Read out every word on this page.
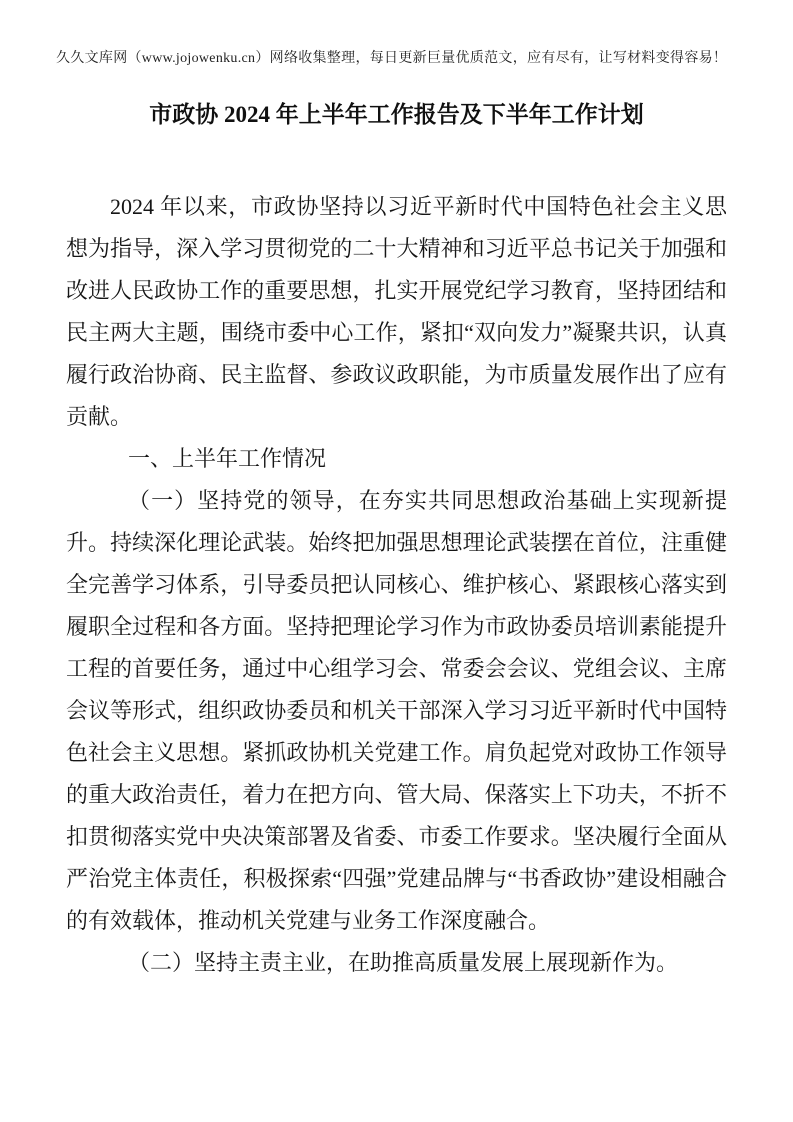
久久文库网（www.jojowenku.cn）网络收集整理，每日更新巨量优质范文，应有尽有，让写材料变得容易！
市政协 2024 年上半年工作报告及下半年工作计划

2024 年以来，市政协坚持以习近平新时代中国特色社会主义思想为指导，深入学习贯彻党的二十大精神和习近平总书记关于加强和改进人民政协工作的重要思想，扎实开展党纪学习教育，坚持团结和民主两大主题，围绕市委中心工作，紧扣“双向发力”凝聚共识，认真履行政治协商、民主监督、参政议政职能，为市质量发展作出了应有贡献。

一、上半年工作情况

（一）坚持党的领导，在夯实共同思想政治基础上实现新提升。持续深化理论武装。始终把加强思想理论武装摆在首位，注重健全完善学习体系，引导委员把认同核心、维护核心、紧跟核心落实到履职全过程和各方面。坚持把理论学习作为市政协委员培训素能提升工程的首要任务，通过中心组学习会、常委会会议、党组会议、主席会议等形式，组织政协委员和机关干部深入学习习近平新时代中国特色社会主义思想。紧抓政协机关党建工作。肩负起党对政协工作领导的重大政治责任，着力在把方向、管大局、保落实上下功夫，不折不扣贯彻落实党中央决策部署及省委、市委工作要求。坚决履行全面从严治党主体责任，积极探索“四强”党建品牌与“书香政协”建设相融合的有效载体，推动机关党建与业务工作深度融合。

（二）坚持主责主业，在助推高质量发展上展现新作为。
